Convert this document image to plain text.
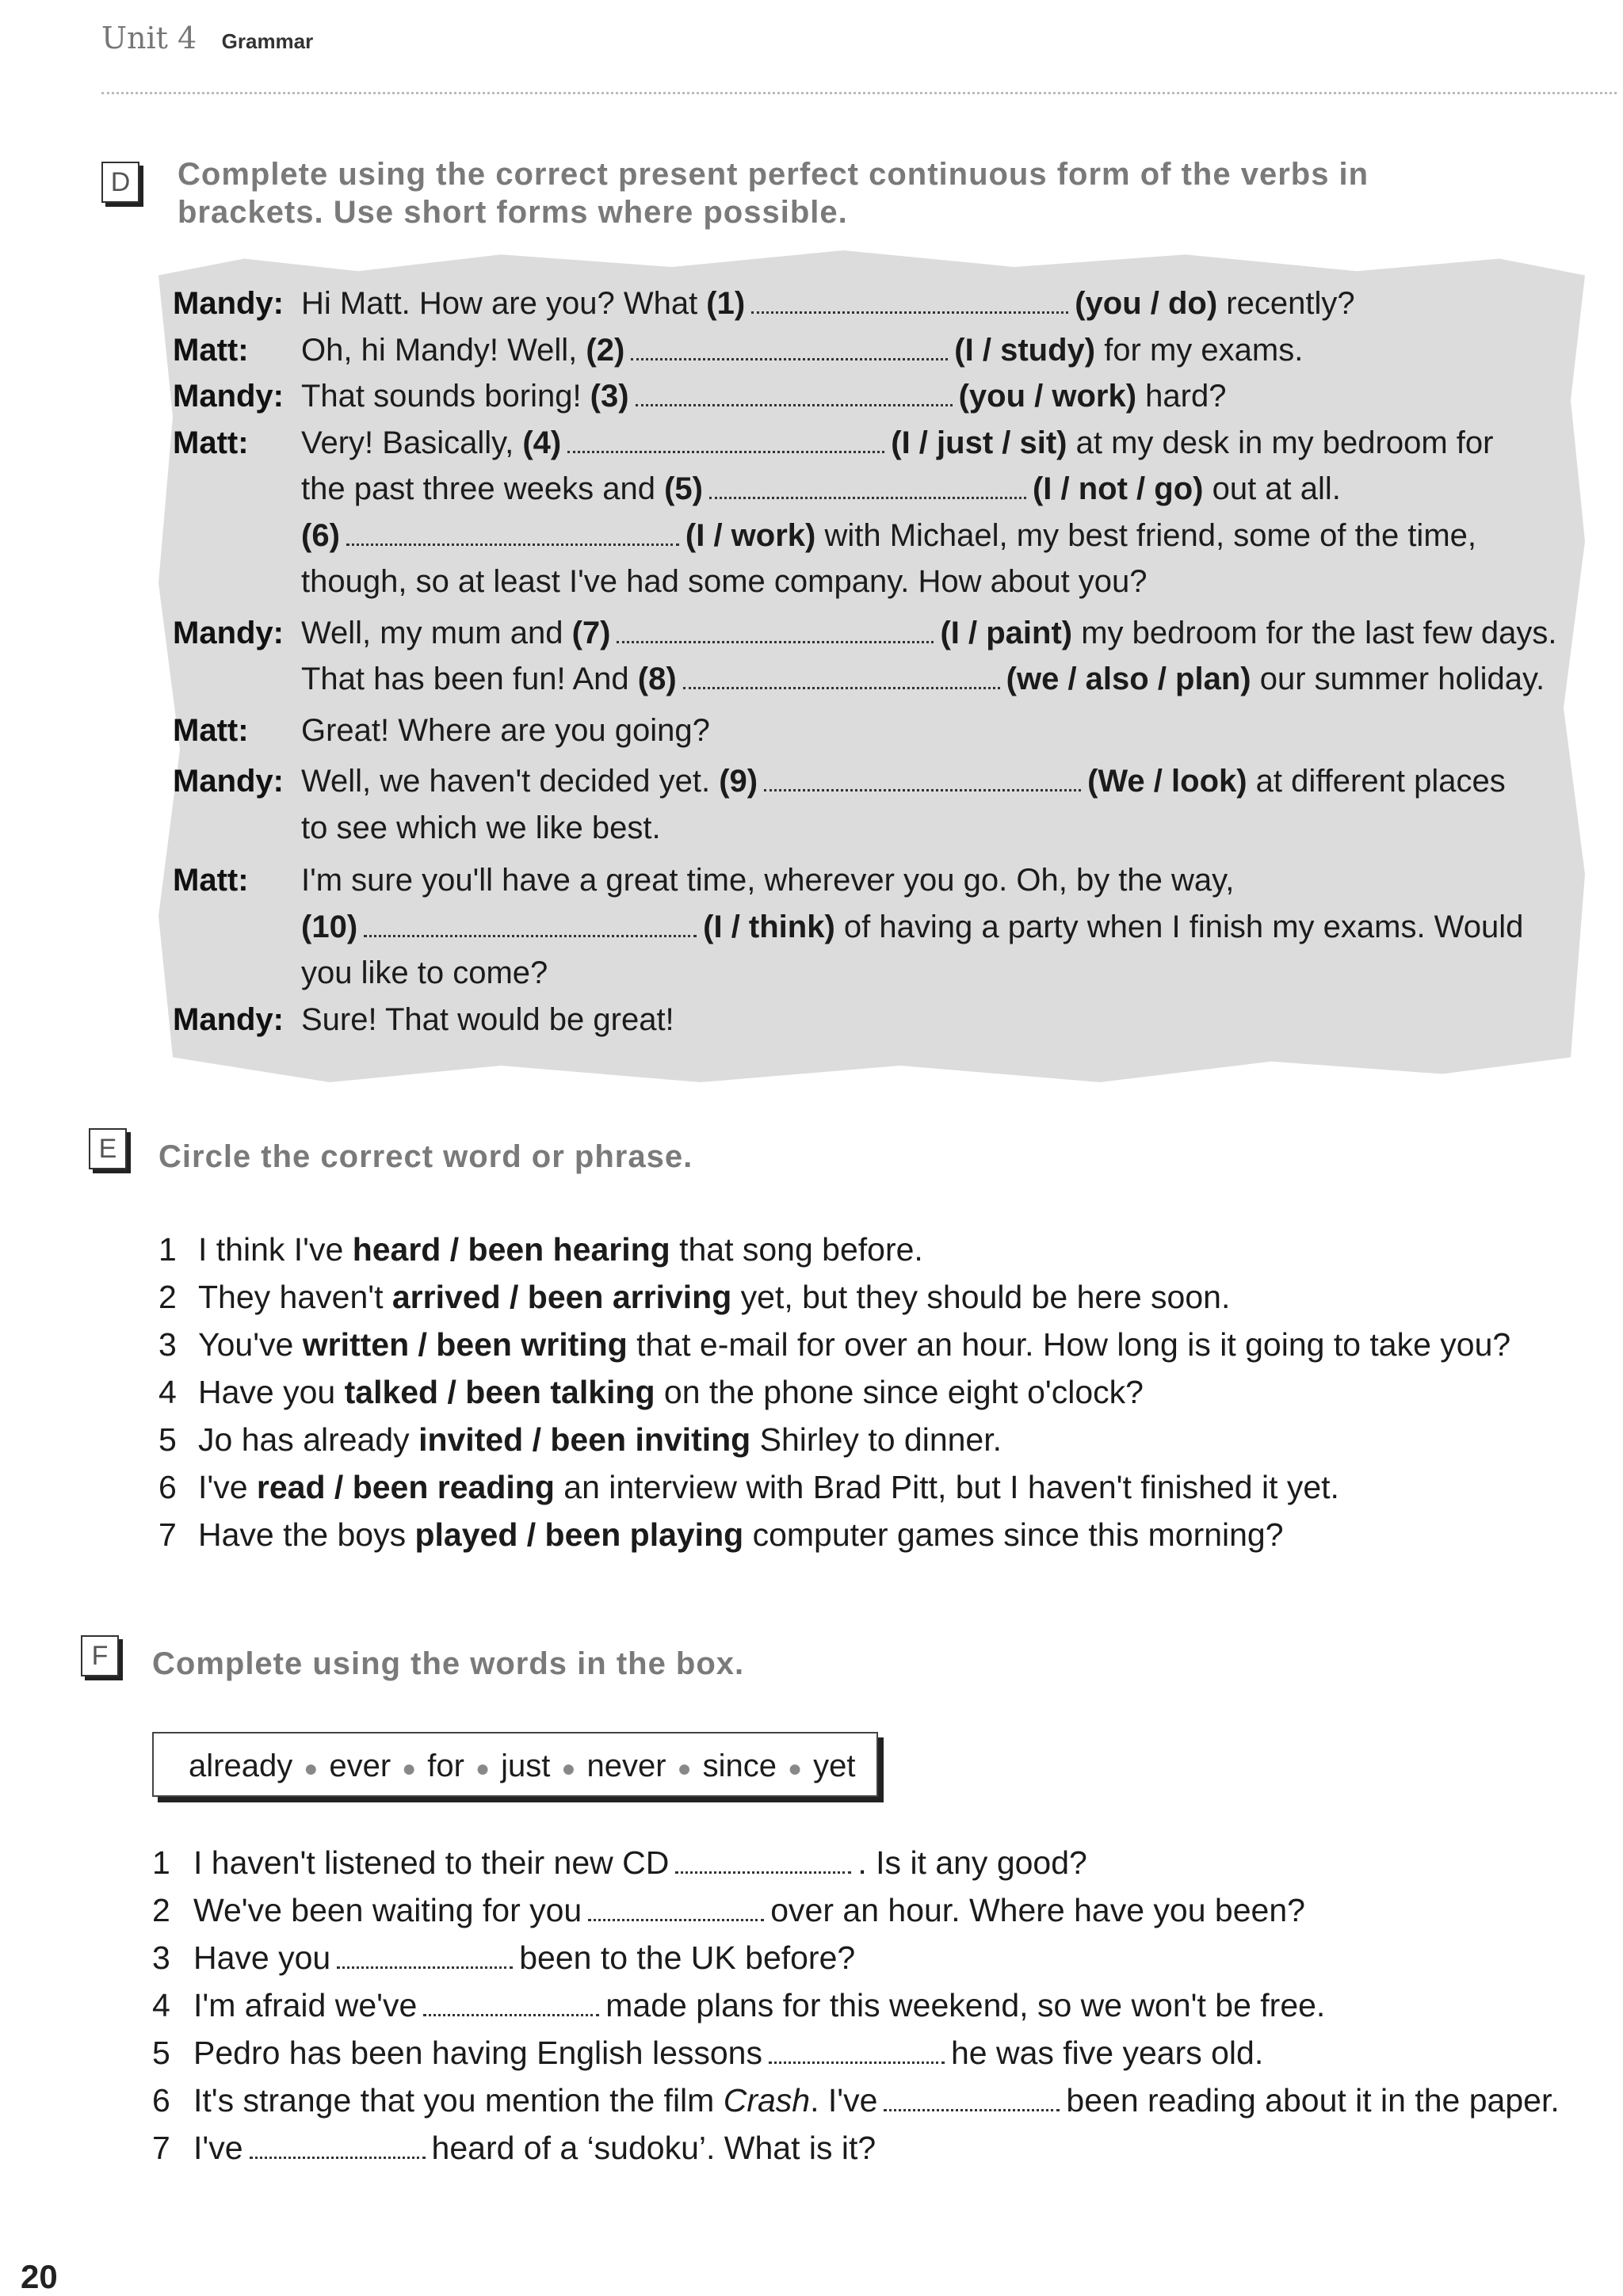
Unit 4 Grammar
D Complete using the correct present perfect continuous form of the verbs in
brackets. Use short forms where possible.
Mandy: Hi Matt. How are you? What (1)	(you / do) recently?
Matt: Oh, hi Mandy! Well, (2)	(I / study) for my exams.
Mandy: That sounds boring! (3)	(you / work) hard?
Matt: Very! Basically, (4)	(I / just / sit) at my desk in my bedroom for
the past three weeks and (5)	(I / not / go) out at all.
(6)	(I / work) with Michael, my best friend, some of the time,
though, so at least I've had some company. How about you?
Mandy: Well, my mum and (7)	(I / paint) my bedroom for the last few days.
That has been fun! And (8)	(we / also / plan) our summer holiday.
Matt: Great! Where are you going?
Mandy: Well, we haven't decided yet. (9)	(We / look) at different places
to see which we like best.
Matt: I'm sure you'll have a great time, wherever you go. Oh, by the way,
(10)	(I / think) of having a party when I finish my exams. Would
you like to come?
Mandy: Sure! That would be great!
E	Circle the correct word or phrase.
1 I think I've heard / been hearing that song before.
2 They haven't arrived / been arriving yet, but they should be here soon.
3 You've written / been writing that e-mail for over an hour. How long is it going to take you?
4 Have you talked / been talking on the phone since eight o'clock?
5 Jo has already invited / been inviting Shirley to dinner.
6 I've read / been reading an interview with Brad Pitt, but I haven't finished it yet.
7 Have the boys played / been playing computer games since this morning?
F	Complete using the words in the box.
already ● ever ● for ● just ● never ● since ● yet
1 I haven't listened to their new CD	. Is it any good?
2 We've been waiting for you	over an hour. Where have you been?
3 Have you	been to the UK before?
4 I'm afraid we've	made plans for this weekend, so we won't be free.
5 Pedro has been having English lessons	he was five years old.
6 It's strange that you mention the film Crash. I've	been reading about it in the paper.
7 I've	heard of a ‘sudoku’. What is it?
20
